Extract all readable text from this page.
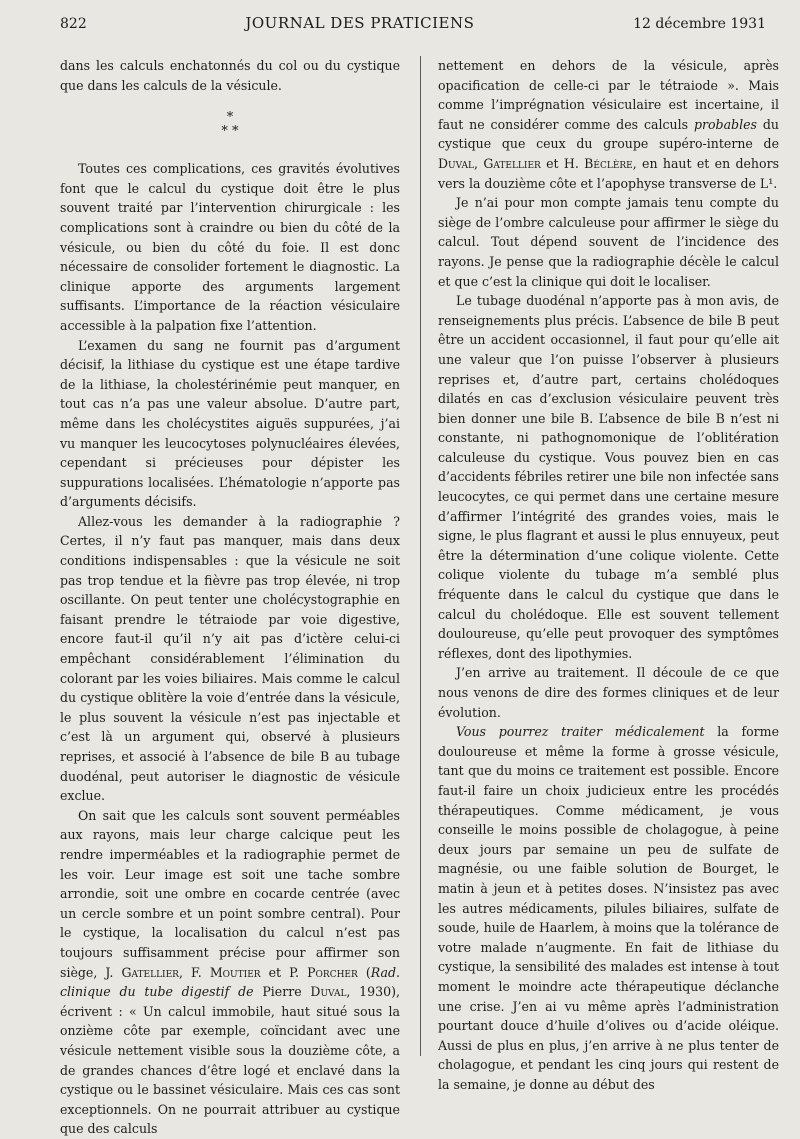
822	JOURNAL DES PRATICIENS	12 décembre 1931

dans les calculs enchatonnés du col ou du cystique que dans les calculs de la vésicule.

*
* *

Toutes ces complications, ces gravités évolutives font que le calcul du cystique doit être le plus souvent traité par l’intervention chirurgicale : les complications sont à craindre ou bien du côté de la vésicule, ou bien du côté du foie. Il est donc nécessaire de consolider fortement le diagnostic. La clinique apporte des arguments largement suffisants. L’importance de la réaction vésiculaire accessible à la palpation fixe l’attention.

L’examen du sang ne fournit pas d’argument décisif, la lithiase du cystique est une étape tardive de la lithiase, la cholestérinémie peut manquer, en tout cas n’a pas une valeur absolue. D’autre part, même dans les cholécystites aiguës suppurées, j’ai vu manquer les leucocytoses polynucléaires élevées, cependant si précieuses pour dépister les suppurations localisées. L’hématologie n’apporte pas d’arguments décisifs.

Allez-vous les demander à la radiographie ? Certes, il n’y faut pas manquer, mais dans deux conditions indispensables : que la vésicule ne soit pas trop tendue et la fièvre pas trop élevée, ni trop oscillante. On peut tenter une cholécystographie en faisant prendre le tétraiode par voie digestive, encore faut-il qu’il n’y ait pas d’ictère celui-ci empêchant considérablement l’élimination du colorant par les voies biliaires. Mais comme le calcul du cystique oblitère la voie d’entrée dans la vésicule, le plus souvent la vésicule n’est pas injectable et c’est là un argument qui, observé à plusieurs reprises, et associé à l’absence de bile B au tubage duodénal, peut autoriser le diagnostic de vésicule exclue.

On sait que les calculs sont souvent perméables aux rayons, mais leur charge calcique peut les rendre imperméables et la radiographie permet de les voir. Leur image est soit une tache sombre arrondie, soit une ombre en cocarde centrée (avec un cercle sombre et un point sombre central). Pour le cystique, la localisation du calcul n’est pas toujours suffisamment précise pour affirmer son siège, J. Gatellier, F. Moutier et P. Porcher (Rad. clinique du tube digestif de Pierre Duval, 1930), écrivent : « Un calcul immobile, haut situé sous la onzième côte par exemple, coïncidant avec une vésicule nettement visible sous la douzième côte, a de grandes chances d’être logé et enclavé dans la cystique ou le bassinet vésiculaire. Mais ces cas sont exceptionnels. On ne pourrait attribuer au cystique que des calculs

nettement en dehors de la vésicule, après opacification de celle-ci par le tétraiode ». Mais comme l’imprégnation vésiculaire est incertaine, il faut ne considérer comme des calculs probables du cystique que ceux du groupe supéro-interne de Duval, Gatellier et H. Béclère, en haut et en dehors vers la douzième côte et l’apophyse transverse de L¹.

Je n’ai pour mon compte jamais tenu compte du siège de l’ombre calculeuse pour affirmer le siège du calcul. Tout dépend souvent de l’incidence des rayons. Je pense que la radiographie décèle le calcul et que c’est la clinique qui doit le localiser.

Le tubage duodénal n’apporte pas à mon avis, de renseignements plus précis. L’absence de bile B peut être un accident occasionnel, il faut pour qu’elle ait une valeur que l’on puisse l’observer à plusieurs reprises et, d’autre part, certains cholédoques dilatés en cas d’exclusion vésiculaire peuvent très bien donner une bile B. L’absence de bile B n’est ni constante, ni pathognomonique de l’oblitération calculeuse du cystique. Vous pouvez bien en cas d’accidents fébriles retirer une bile non infectée sans leucocytes, ce qui permet dans une certaine mesure d’affirmer l’intégrité des grandes voies, mais le signe, le plus flagrant et aussi le plus ennuyeux, peut être la détermination d’une colique violente. Cette colique violente du tubage m’a semblé plus fréquente dans le calcul du cystique que dans le calcul du cholédoque. Elle est souvent tellement douloureuse, qu’elle peut provoquer des symptômes réflexes, dont des lipothymies.

J’en arrive au traitement. Il découle de ce que nous venons de dire des formes cliniques et de leur évolution.

Vous pourrez traiter médicalement la forme douloureuse et même la forme à grosse vésicule, tant que du moins ce traitement est possible. Encore faut-il faire un choix judicieux entre les procédés thérapeutiques. Comme médicament, je vous conseille le moins possible de cholagogue, à peine deux jours par semaine un peu de sulfate de magnésie, ou une faible solution de Bourget, le matin à jeun et à petites doses. N’insistez pas avec les autres médicaments, pilules biliaires, sulfate de soude, huile de Haarlem, à moins que la tolérance de votre malade n’augmente. En fait de lithiase du cystique, la sensibilité des malades est intense à tout moment le moindre acte thérapeutique déclanche une crise. J’en ai vu même après l’administration pourtant douce d’huile d’olives ou d’acide oléique. Aussi de plus en plus, j’en arrive à ne plus tenter de cholagogue, et pendant les cinq jours qui restent de la semaine, je donne au début des
